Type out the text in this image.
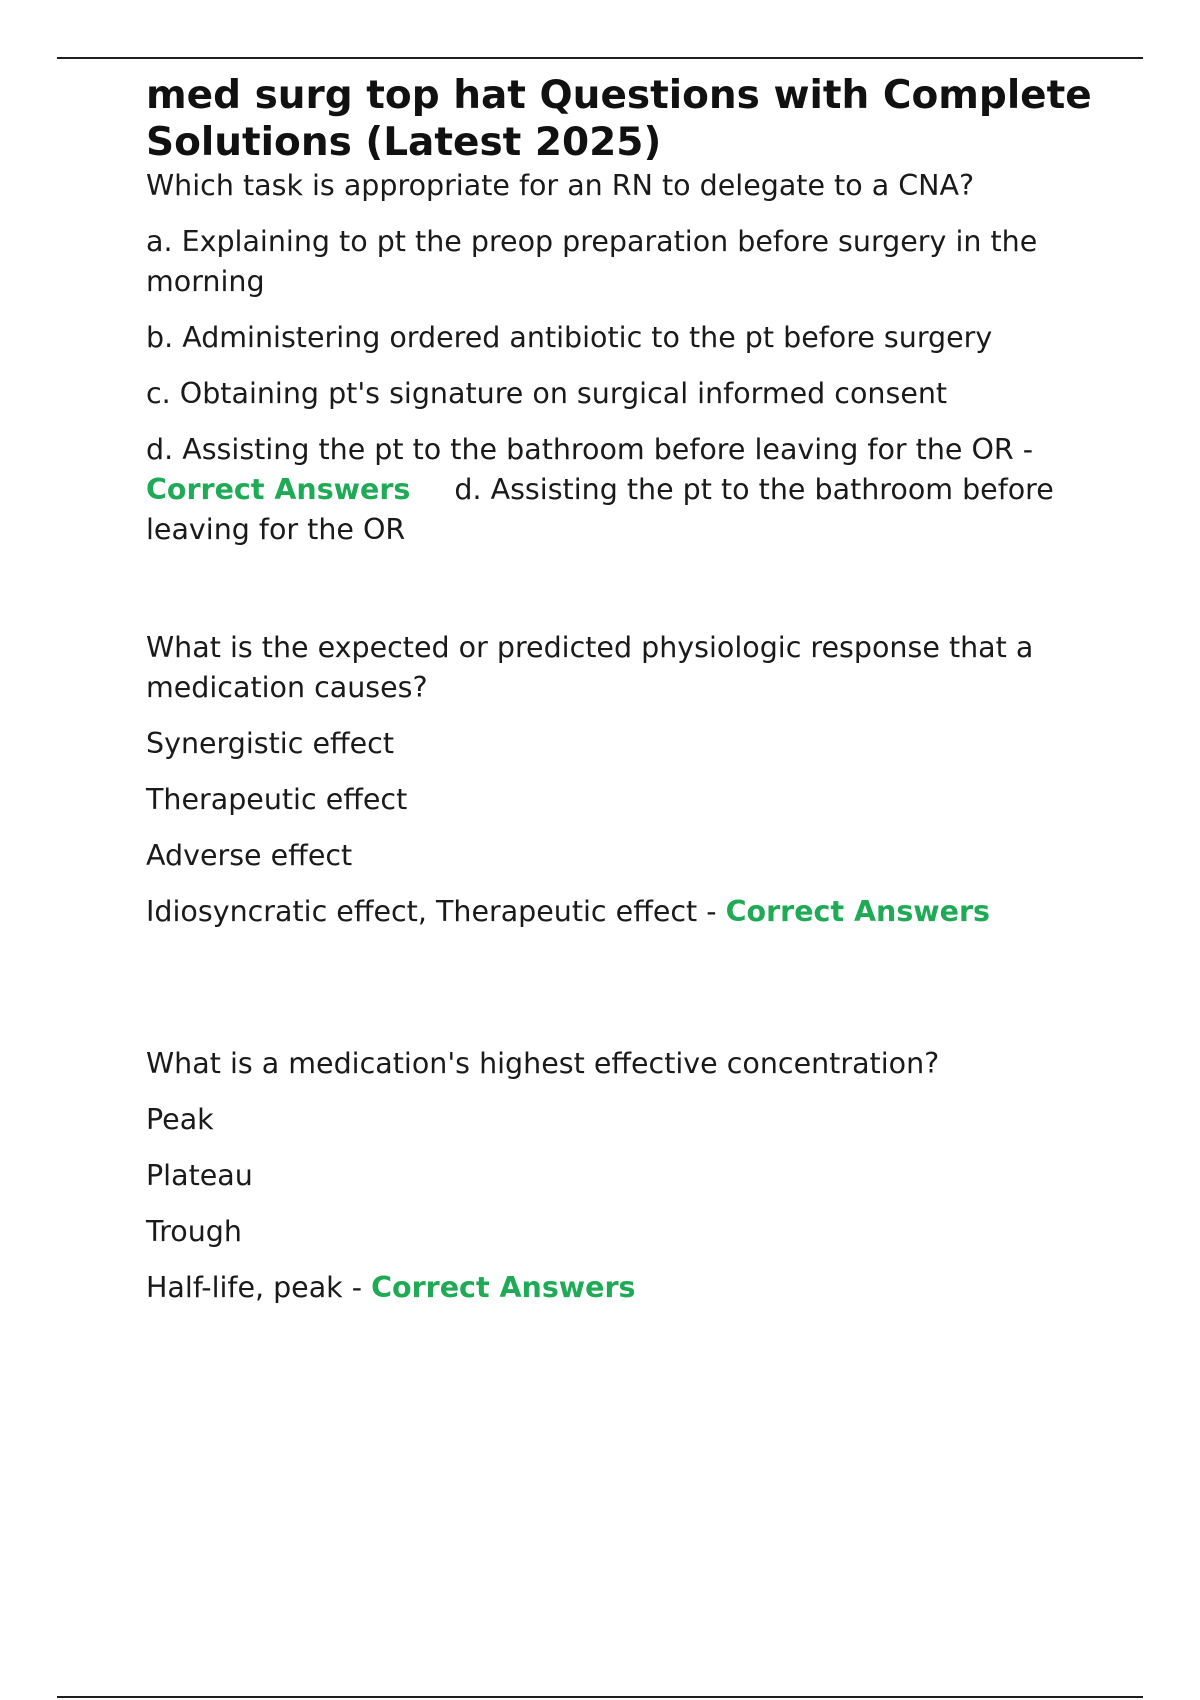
med surg top hat Questions with Complete Solutions (Latest 2025)

Which task is appropriate for an RN to delegate to a CNA?

a. Explaining to pt the preop preparation before surgery in the morning

b. Administering ordered antibiotic to the pt before surgery

c. Obtaining pt's signature on surgical informed consent

d. Assisting the pt to the bathroom before leaving for the OR - Correct Answers d. Assisting the pt to the bathroom before leaving for the OR

What is the expected or predicted physiologic response that a medication causes?

Synergistic effect

Therapeutic effect

Adverse effect

Idiosyncratic effect, Therapeutic effect - Correct Answers

What is a medication's highest effective concentration?

Peak

Plateau

Trough

Half-life, peak - Correct Answers
